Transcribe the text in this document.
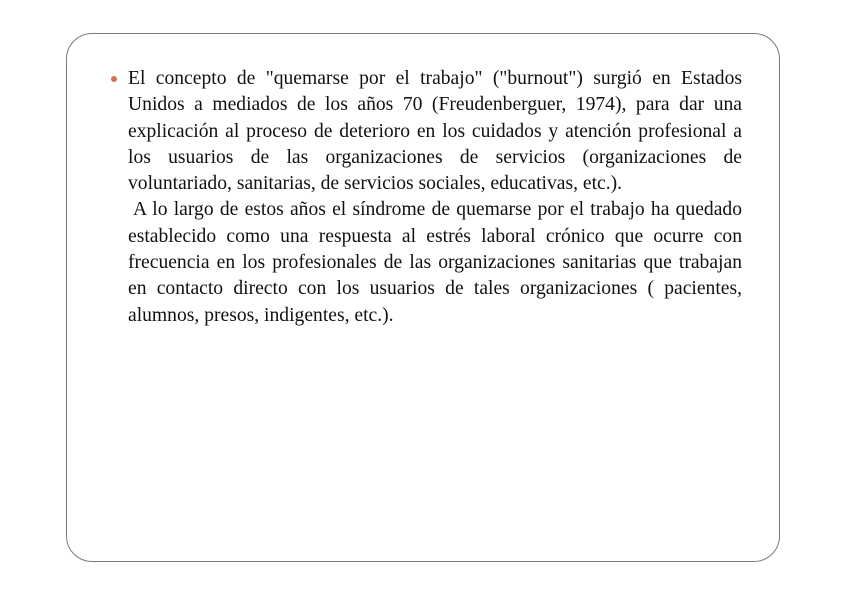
El concepto de "quemarse por el trabajo" ("burnout") surgió en Estados Unidos a mediados de los años 70 (Freudenberguer, 1974), para dar una explicación al proceso de deterioro en los cuidados y atención profesional a los usuarios de las organizaciones de servicios (organizaciones de voluntariado, sanitarias, de servicios sociales, educativas, etc.).

A lo largo de estos años el síndrome de quemarse por el trabajo ha quedado establecido como una respuesta al estrés laboral crónico que ocurre con frecuencia en los profesionales de las organizaciones sanitarias que trabajan en contacto directo con los usuarios de tales organizaciones ( pacientes, alumnos, presos, indigentes, etc.).
